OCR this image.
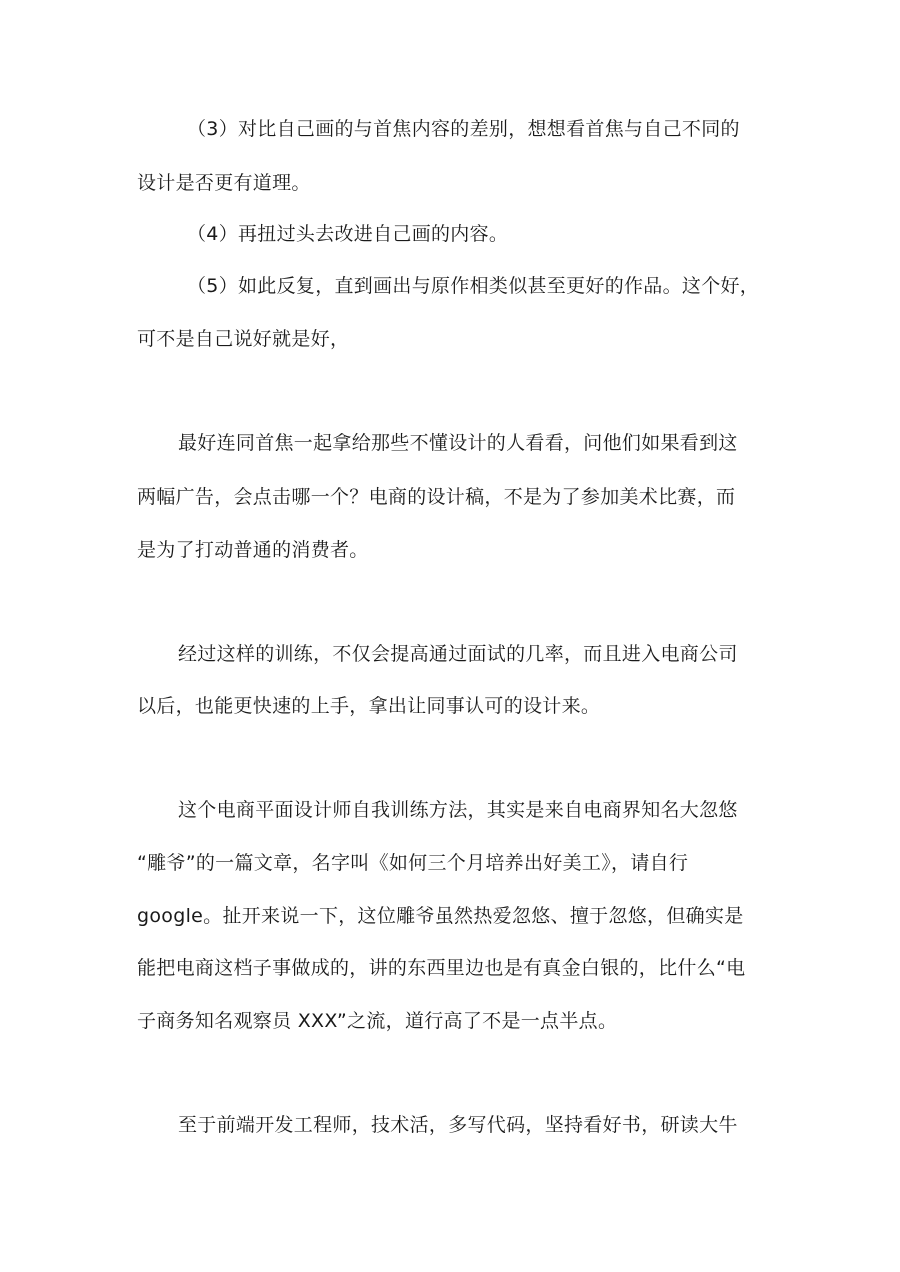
（3）对比自己画的与首焦内容的差别，想想看首焦与自己不同的
设计是否更有道理。
（4）再扭过头去改进自己画的内容。
（5）如此反复，直到画出与原作相类似甚至更好的作品。这个好，
可不是自己说好就是好，
最好连同首焦一起拿给那些不懂设计的人看看，问他们如果看到这
两幅广告，会点击哪一个？电商的设计稿，不是为了参加美术比赛，而
是为了打动普通的消费者。
经过这样的训练，不仅会提高通过面试的几率，而且进入电商公司
以后，也能更快速的上手，拿出让同事认可的设计来。
这个电商平面设计师自我训练方法，其实是来自电商界知名大忽悠
“雕爷”的一篇文章，名字叫《如何三个月培养出好美工》，请自行
google。扯开来说一下，这位雕爷虽然热爱忽悠、擅于忽悠，但确实是
能把电商这档子事做成的，讲的东西里边也是有真金白银的，比什么“电
子商务知名观察员 XXX”之流，道行高了不是一点半点。
至于前端开发工程师，技术活，多写代码，坚持看好书，研读大牛
